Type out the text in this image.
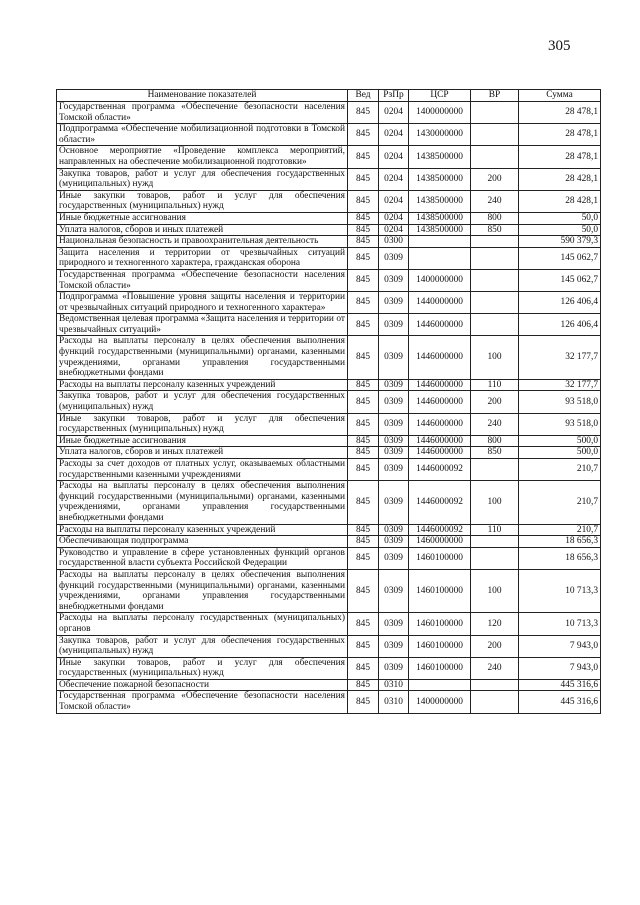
305
Наименование показателей	Вед	РзПр	ЦСР	ВР	Сумма
Государственная программа «Обеспечение безопасности населения Томской области»	845	0204	1400000000		28 478,1
Подпрограмма «Обеспечение мобилизационной подготовки в Томской области»	845	0204	1430000000		28 478,1
Основное мероприятие «Проведение комплекса мероприятий, направленных на обеспечение мобилизационной подготовки»	845	0204	1438500000		28 478,1
Закупка товаров, работ и услуг для обеспечения государственных (муниципальных) нужд	845	0204	1438500000	200	28 428,1
Иные закупки товаров, работ и услуг для обеспечения государственных (муниципальных) нужд	845	0204	1438500000	240	28 428,1
Иные бюджетные ассигнования	845	0204	1438500000	800	50,0
Уплата налогов, сборов и иных платежей	845	0204	1438500000	850	50,0
Национальная безопасность и правоохранительная деятельность	845	0300			590 379,3
Защита населения и территории от чрезвычайных ситуаций природного и техногенного характера, гражданская оборона	845	0309			145 062,7
Государственная программа «Обеспечение безопасности населения Томской области»	845	0309	1400000000		145 062,7
Подпрограмма «Повышение уровня защиты населения и территории от чрезвычайных ситуаций природного и техногенного характера»	845	0309	1440000000		126 406,4
Ведомственная целевая программа «Защита населения и территории от чрезвычайных ситуаций»	845	0309	1446000000		126 406,4
Расходы на выплаты персоналу в целях обеспечения выполнения функций государственными (муниципальными) органами, казенными учреждениями, органами управления государственными внебюджетными фондами	845	0309	1446000000	100	32 177,7
Расходы на выплаты персоналу казенных учреждений	845	0309	1446000000	110	32 177,7
Закупка товаров, работ и услуг для обеспечения государственных (муниципальных) нужд	845	0309	1446000000	200	93 518,0
Иные закупки товаров, работ и услуг для обеспечения государственных (муниципальных) нужд	845	0309	1446000000	240	93 518,0
Иные бюджетные ассигнования	845	0309	1446000000	800	500,0
Уплата налогов, сборов и иных платежей	845	0309	1446000000	850	500,0
Расходы за счет доходов от платных услуг, оказываемых областными государственными казенными учреждениями	845	0309	1446000092		210,7
Расходы на выплаты персоналу в целях обеспечения выполнения функций государственными (муниципальными) органами, казенными учреждениями, органами управления государственными внебюджетными фондами	845	0309	1446000092	100	210,7
Расходы на выплаты персоналу казенных учреждений	845	0309	1446000092	110	210,7
Обеспечивающая подпрограмма	845	0309	1460000000		18 656,3
Руководство и управление в сфере установленных функций органов государственной власти субъекта Российской Федерации	845	0309	1460100000		18 656,3
Расходы на выплаты персоналу в целях обеспечения выполнения функций государственными (муниципальными) органами, казенными учреждениями, органами управления государственными внебюджетными фондами	845	0309	1460100000	100	10 713,3
Расходы на выплаты персоналу государственных (муниципальных) органов	845	0309	1460100000	120	10 713,3
Закупка товаров, работ и услуг для обеспечения государственных (муниципальных) нужд	845	0309	1460100000	200	7 943,0
Иные закупки товаров, работ и услуг для обеспечения государственных (муниципальных) нужд	845	0309	1460100000	240	7 943,0
Обеспечение пожарной безопасности	845	0310			445 316,6
Государственная программа «Обеспечение безопасности населения Томской области»	845	0310	1400000000		445 316,6
